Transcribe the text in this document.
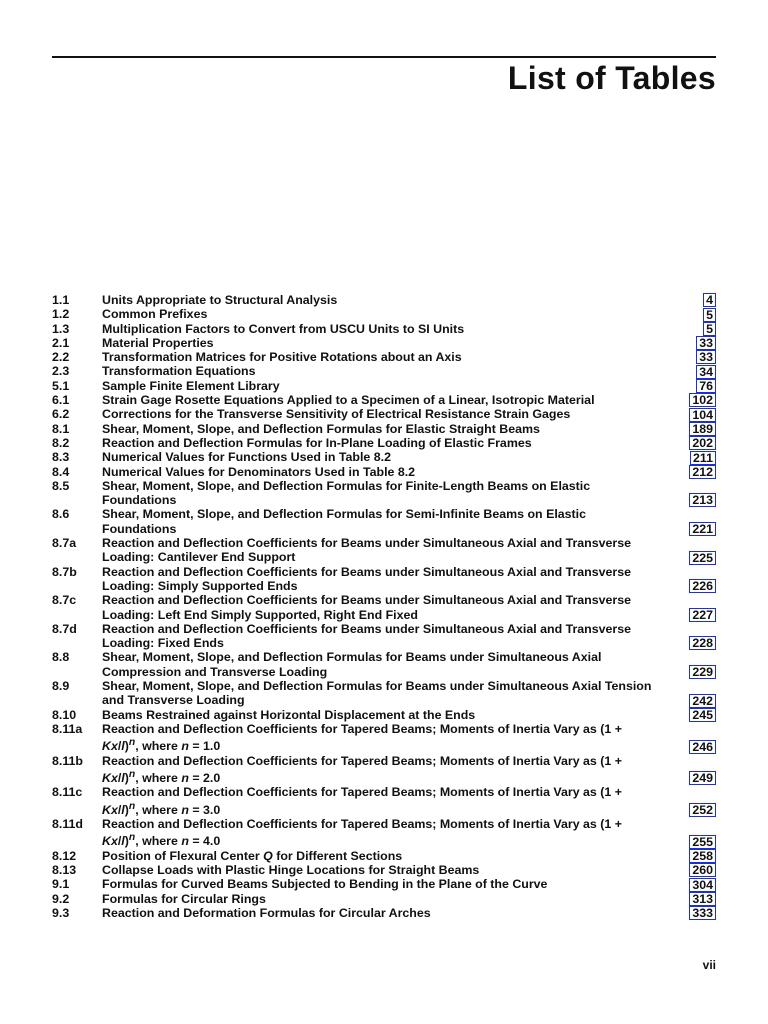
List of Tables
1.1	Units Appropriate to Structural Analysis	4
1.2	Common Prefixes	5
1.3	Multiplication Factors to Convert from USCU Units to SI Units	5
2.1	Material Properties	33
2.2	Transformation Matrices for Positive Rotations about an Axis	33
2.3	Transformation Equations	34
5.1	Sample Finite Element Library	76
6.1	Strain Gage Rosette Equations Applied to a Specimen of a Linear, Isotropic Material	102
6.2	Corrections for the Transverse Sensitivity of Electrical Resistance Strain Gages	104
8.1	Shear, Moment, Slope, and Deflection Formulas for Elastic Straight Beams	189
8.2	Reaction and Deflection Formulas for In-Plane Loading of Elastic Frames	202
8.3	Numerical Values for Functions Used in Table 8.2	211
8.4	Numerical Values for Denominators Used in Table 8.2	212
8.5	Shear, Moment, Slope, and Deflection Formulas for Finite-Length Beams on Elastic Foundations	213
8.6	Shear, Moment, Slope, and Deflection Formulas for Semi-Infinite Beams on Elastic Foundations	221
8.7a Reaction and Deflection Coefficients for Beams under Simultaneous Axial and Transverse Loading: Cantilever End Support	225
8.7b Reaction and Deflection Coefficients for Beams under Simultaneous Axial and Transverse Loading: Simply Supported Ends	226
8.7c Reaction and Deflection Coefficients for Beams under Simultaneous Axial and Transverse Loading: Left End Simply Supported, Right End Fixed	227
8.7d Reaction and Deflection Coefficients for Beams under Simultaneous Axial and Transverse Loading: Fixed Ends	228
8.8	Shear, Moment, Slope, and Deflection Formulas for Beams under Simultaneous Axial Compression and Transverse Loading	229
8.9	Shear, Moment, Slope, and Deflection Formulas for Beams under Simultaneous Axial Tension and Transverse Loading	242
8.10 Beams Restrained against Horizontal Displacement at the Ends	245
8.11a Reaction and Deflection Coefficients for Tapered Beams; Moments of Inertia Vary as $(1 + Kx/l)^n$, where n = 1.0	246
8.11b Reaction and Deflection Coefficients for Tapered Beams; Moments of Inertia Vary as $(1 + Kx/l)^n$, where n = 2.0	249
8.11c Reaction and Deflection Coefficients for Tapered Beams; Moments of Inertia Vary as $(1 + Kx/l)^n$, where n = 3.0	252
8.11d Reaction and Deflection Coefficients for Tapered Beams; Moments of Inertia Vary as $(1 + Kx/l)^n$, where n = 4.0	255
8.12 Position of Flexural Center Q for Different Sections	258
8.13 Collapse Loads with Plastic Hinge Locations for Straight Beams	260
9.1	Formulas for Curved Beams Subjected to Bending in the Plane of the Curve	304
9.2	Formulas for Circular Rings	313
9.3	Reaction and Deformation Formulas for Circular Arches	333
vii
